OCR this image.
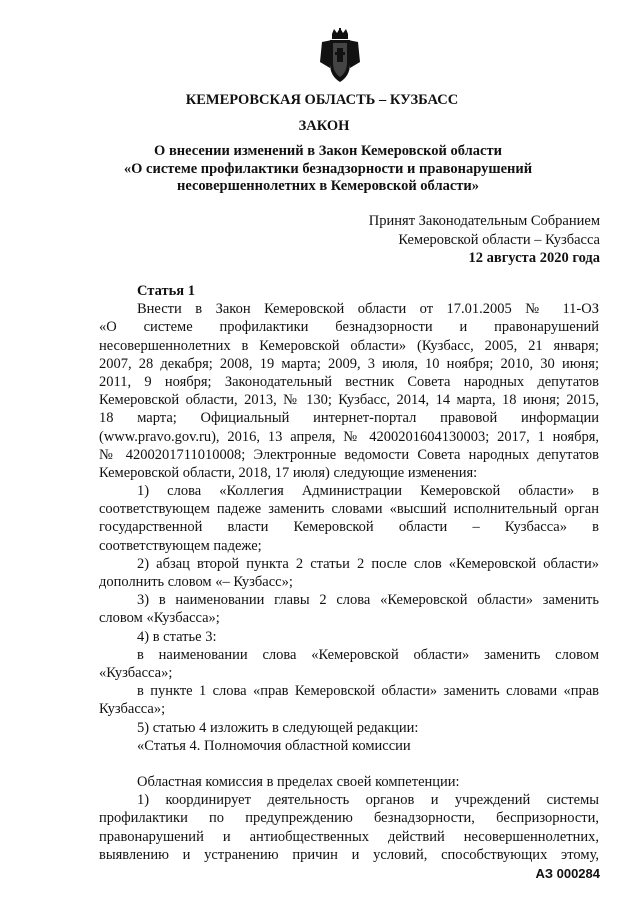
КЕМЕРОВСКАЯ ОБЛАСТЬ – КУЗБАСС
ЗАКОН
О внесении изменений в Закон Кемеровской области
«О системе профилактики безнадзорности и правонарушений
несовершеннолетних в Кемеровской области»
Принят Законодательным Собранием
Кемеровской области – Кузбасса
12 августа 2020 года
Статья 1
Внести в Закон Кемеровской области от 17.01.2005 № 11-ОЗ
«О системе профилактики безнадзорности и правонарушений
несовершеннолетних в Кемеровской области» (Кузбасс, 2005, 21 января;
2007, 28 декабря; 2008, 19 марта; 2009, 3 июля, 10 ноября; 2010, 30 июня;
2011, 9 ноября; Законодательный вестник Совета народных депутатов
Кемеровской области, 2013, № 130; Кузбасс, 2014, 14 марта, 18 июня; 2015,
18 марта; Официальный интернет-портал правовой информации
(www.pravo.gov.ru), 2016, 13 апреля, № 4200201604130003; 2017, 1 ноября,
№ 4200201711010008; Электронные ведомости Совета народных депутатов
Кемеровской области, 2018, 17 июля) следующие изменения:
1) слова «Коллегия Администрации Кемеровской области» в
соответствующем падеже заменить словами «высший исполнительный орган
государственной власти Кемеровской области – Кузбасса» в
соответствующем падеже;
2) абзац второй пункта 2 статьи 2 после слов «Кемеровской области»
дополнить словом «– Кузбасс»;
3) в наименовании главы 2 слова «Кемеровской области» заменить
словом «Кузбасса»;
4) в статье 3:
в наименовании слова «Кемеровской области» заменить словом
«Кузбасса»;
в пункте 1 слова «прав Кемеровской области» заменить словами «прав
Кузбасса»;
5) статью 4 изложить в следующей редакции:
«Статья 4. Полномочия областной комиссии
Областная комиссия в пределах своей компетенции:
1) координирует деятельность органов и учреждений системы
профилактики по предупреждению безнадзорности, беспризорности,
правонарушений и антиобщественных действий несовершеннолетних,
выявлению и устранению причин и условий, способствующих этому,
АЗ 000284
